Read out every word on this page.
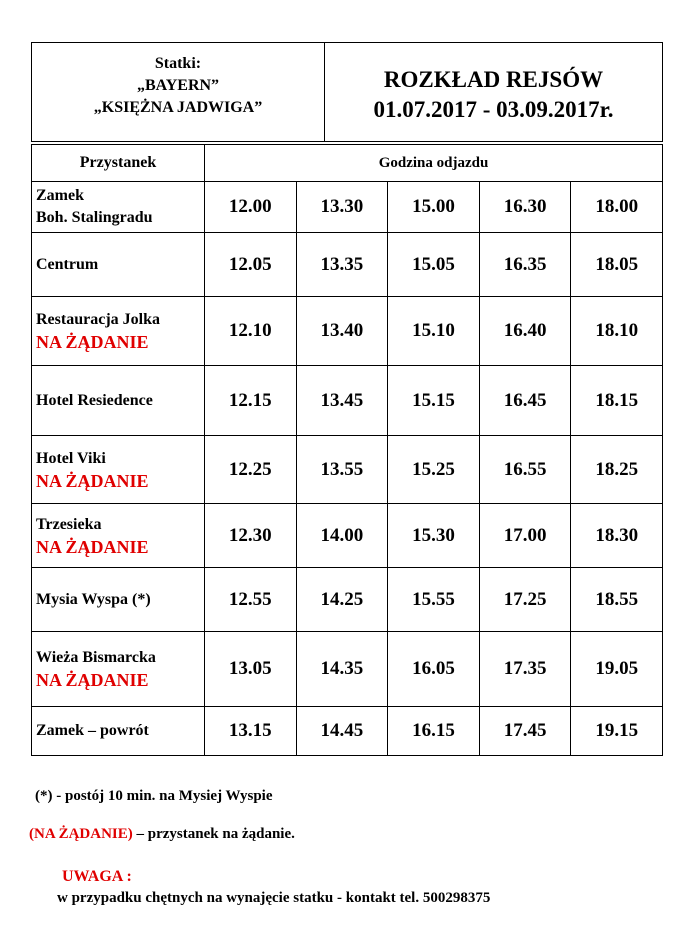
Statki:
„BAYERN”
„KSIĘŻNA JADWIGA”
ROZKŁAD REJSÓW
01.07.2017 - 03.09.2017r.
Przystanek	Godzina odjazdu				

Zamek
Boh. Stalingradu	12.00	13.30	15.00	16.30	18.00

Centrum	12.05	13.35	15.05	16.35	18.05

Restauracja Jolka
NA ŻĄDANIE	12.10	13.40	15.10	16.40	18.10

Hotel Resiedence	12.15	13.45	15.15	16.45	18.15

Hotel Viki
NA ŻĄDANIE	12.25	13.55	15.25	16.55	18.25

Trzesieka
NA ŻĄDANIE	12.30	14.00	15.30	17.00	18.30

Mysia Wyspa (*)	12.55	14.25	15.55	17.25	18.55

Wieża Bismarcka
NA ŻĄDANIE	13.05	14.35	16.05	17.35	19.05

Zamek – powrót	13.15	14.45	16.15	17.45	19.15
(*) - postój 10 min. na Mysiej Wyspie
(NA ŻĄDANIE) – przystanek na żądanie.
UWAGA :
w przypadku chętnych na wynajęcie statku - kontakt tel. 500298375
